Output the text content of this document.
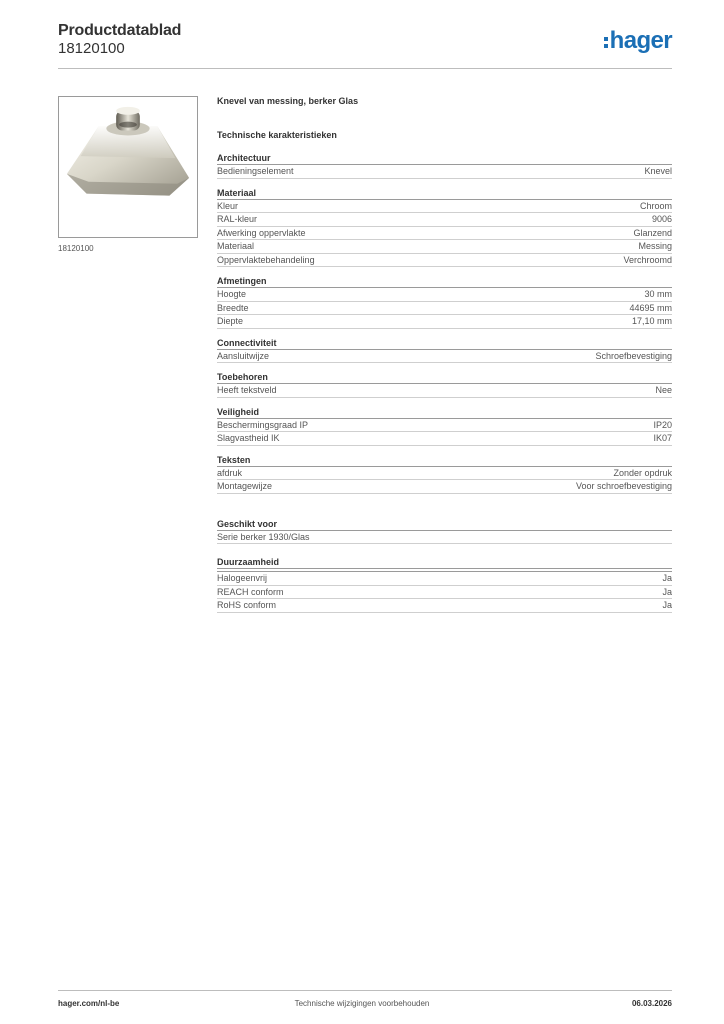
Productdatablad
18120100	hager
18120100
Knevel van messing, berker Glas
Technische karakteristieken
Architectuur
Bedieningselement	Knevel
Materiaal
Kleur	Chroom
RAL-kleur	9006
Afwerking oppervlakte	Glanzend
Materiaal	Messing
Oppervlaktebehandeling	Verchroomd
Afmetingen
Hoogte	30 mm
Breedte	44695 mm
Diepte	17,10 mm
Connectiviteit
Aansluitwijze	Schroefbevestiging
Toebehoren
Heeft tekstveld	Nee
Veiligheid
Beschermingsgraad IP	IP20
Slagvastheid IK	IK07
Teksten
afdruk	Zonder opdruk
Montagewijze	Voor schroefbevestiging
Geschikt voor
Serie berker 1930/Glas
Duurzaamheid
Halogeenvrij	Ja
REACH conform	Ja
RoHS conform	Ja
hager.com/nl-be	Technische wijzigingen voorbehouden	06.03.2026
